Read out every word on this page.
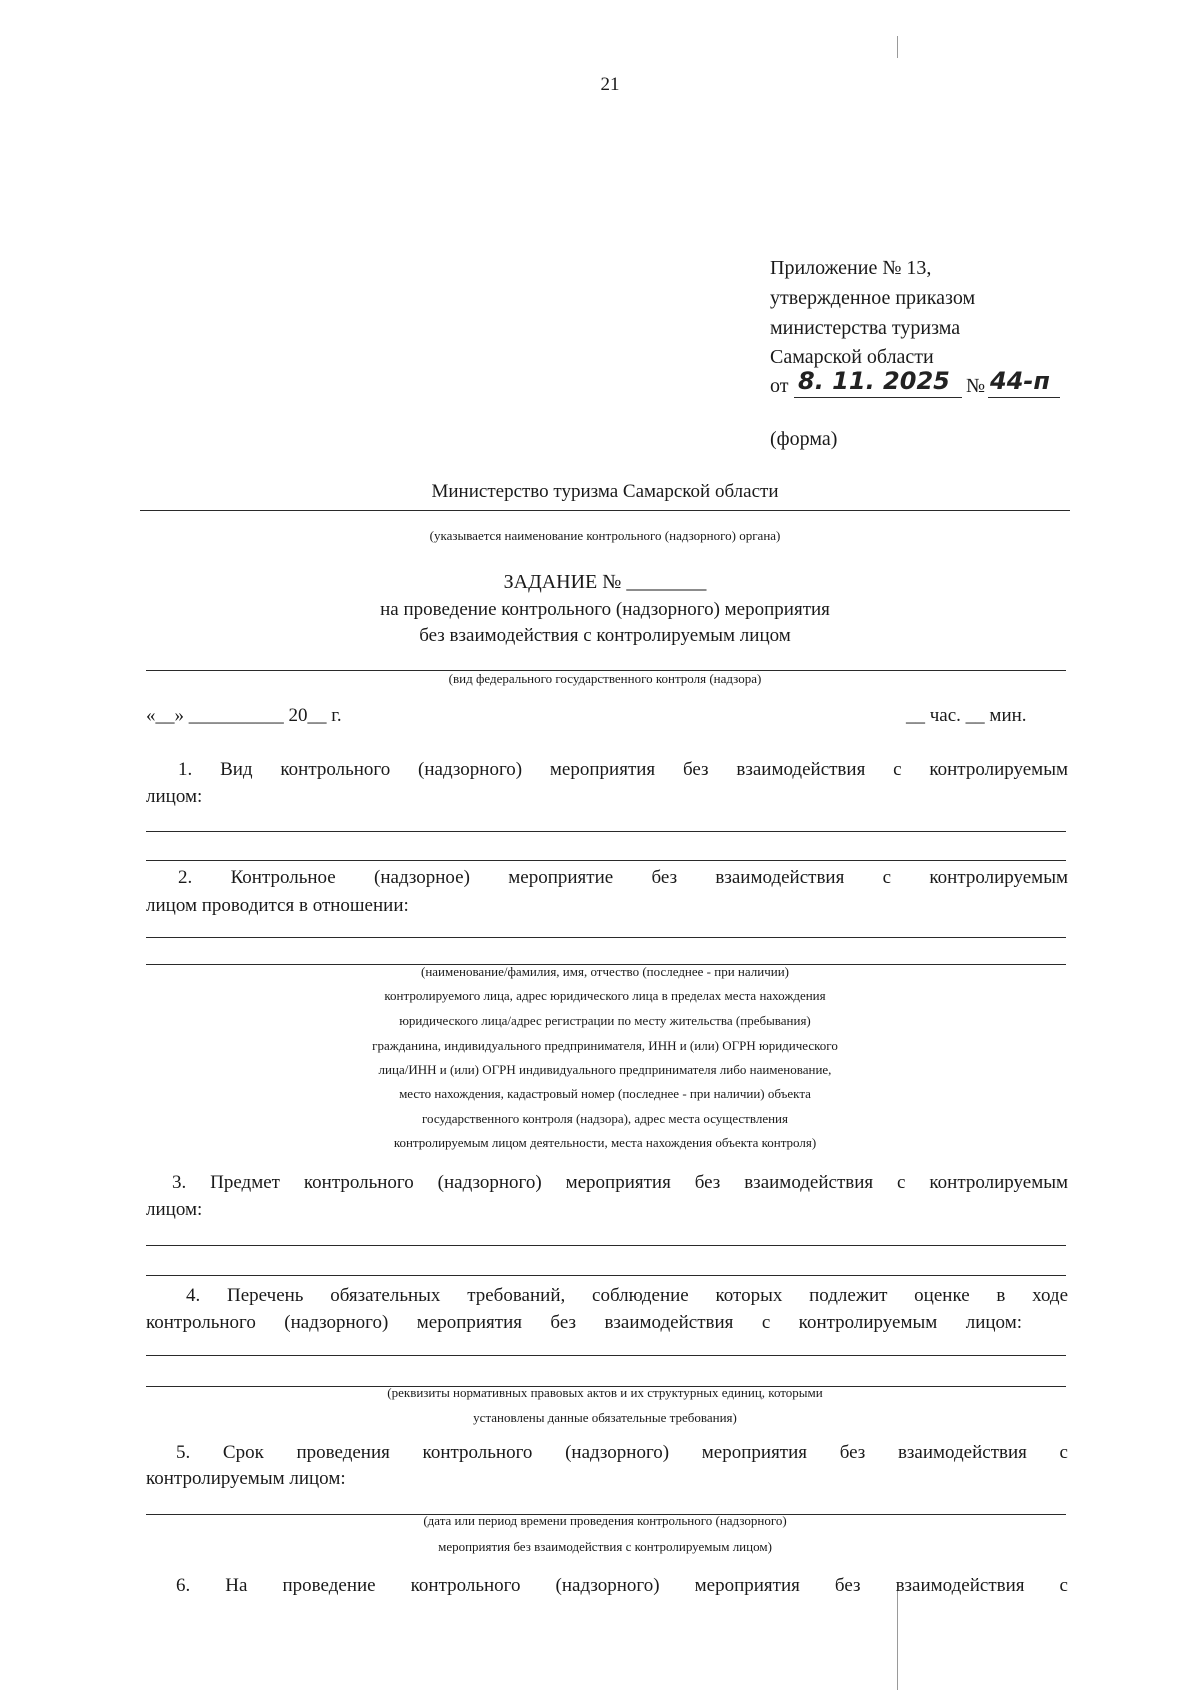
21
Приложение № 13,
утвержденное приказом
министерства туризма
Самарской области
от 8. 11. 2025 № 44-п
(форма)
Министерство туризма Самарской области
(указывается наименование контрольного (надзорного) органа)
ЗАДАНИЕ № ________
на проведение контрольного (надзорного) мероприятия
без взаимодействия с контролируемым лицом
(вид федерального государственного контроля (надзора)
«__» __________ 20__ г.	__ час. __ мин.
1. Вид контрольного (надзорного) мероприятия без взаимодействия с контролируемым
лицом:
2. Контрольное (надзорное) мероприятие без взаимодействия с контролируемым
лицом проводится в отношении:
(наименование/фамилия, имя, отчество (последнее - при наличии)
контролируемого лица, адрес юридического лица в пределах места нахождения
юридического лица/адрес регистрации по месту жительства (пребывания)
гражданина, индивидуального предпринимателя, ИНН и (или) ОГРН юридического
лица/ИНН и (или) ОГРН индивидуального предпринимателя либо наименование,
место нахождения, кадастровый номер (последнее - при наличии) объекта
государственного контроля (надзора), адрес места осуществления
контролируемым лицом деятельности, места нахождения объекта контроля)
3. Предмет контрольного (надзорного) мероприятия без взаимодействия с контролируемым
лицом:
4. Перечень обязательных требований, соблюдение которых подлежит оценке в ходе
контрольного (надзорного) мероприятия без взаимодействия с контролируемым лицом:
(реквизиты нормативных правовых актов и их структурных единиц, которыми
установлены данные обязательные требования)
5. Срок проведения контрольного (надзорного) мероприятия без взаимодействия с
контролируемым лицом:
(дата или период времени проведения контрольного (надзорного)
мероприятия без взаимодействия с контролируемым лицом)
6. На проведение контрольного (надзорного) мероприятия без взаимодействия с
